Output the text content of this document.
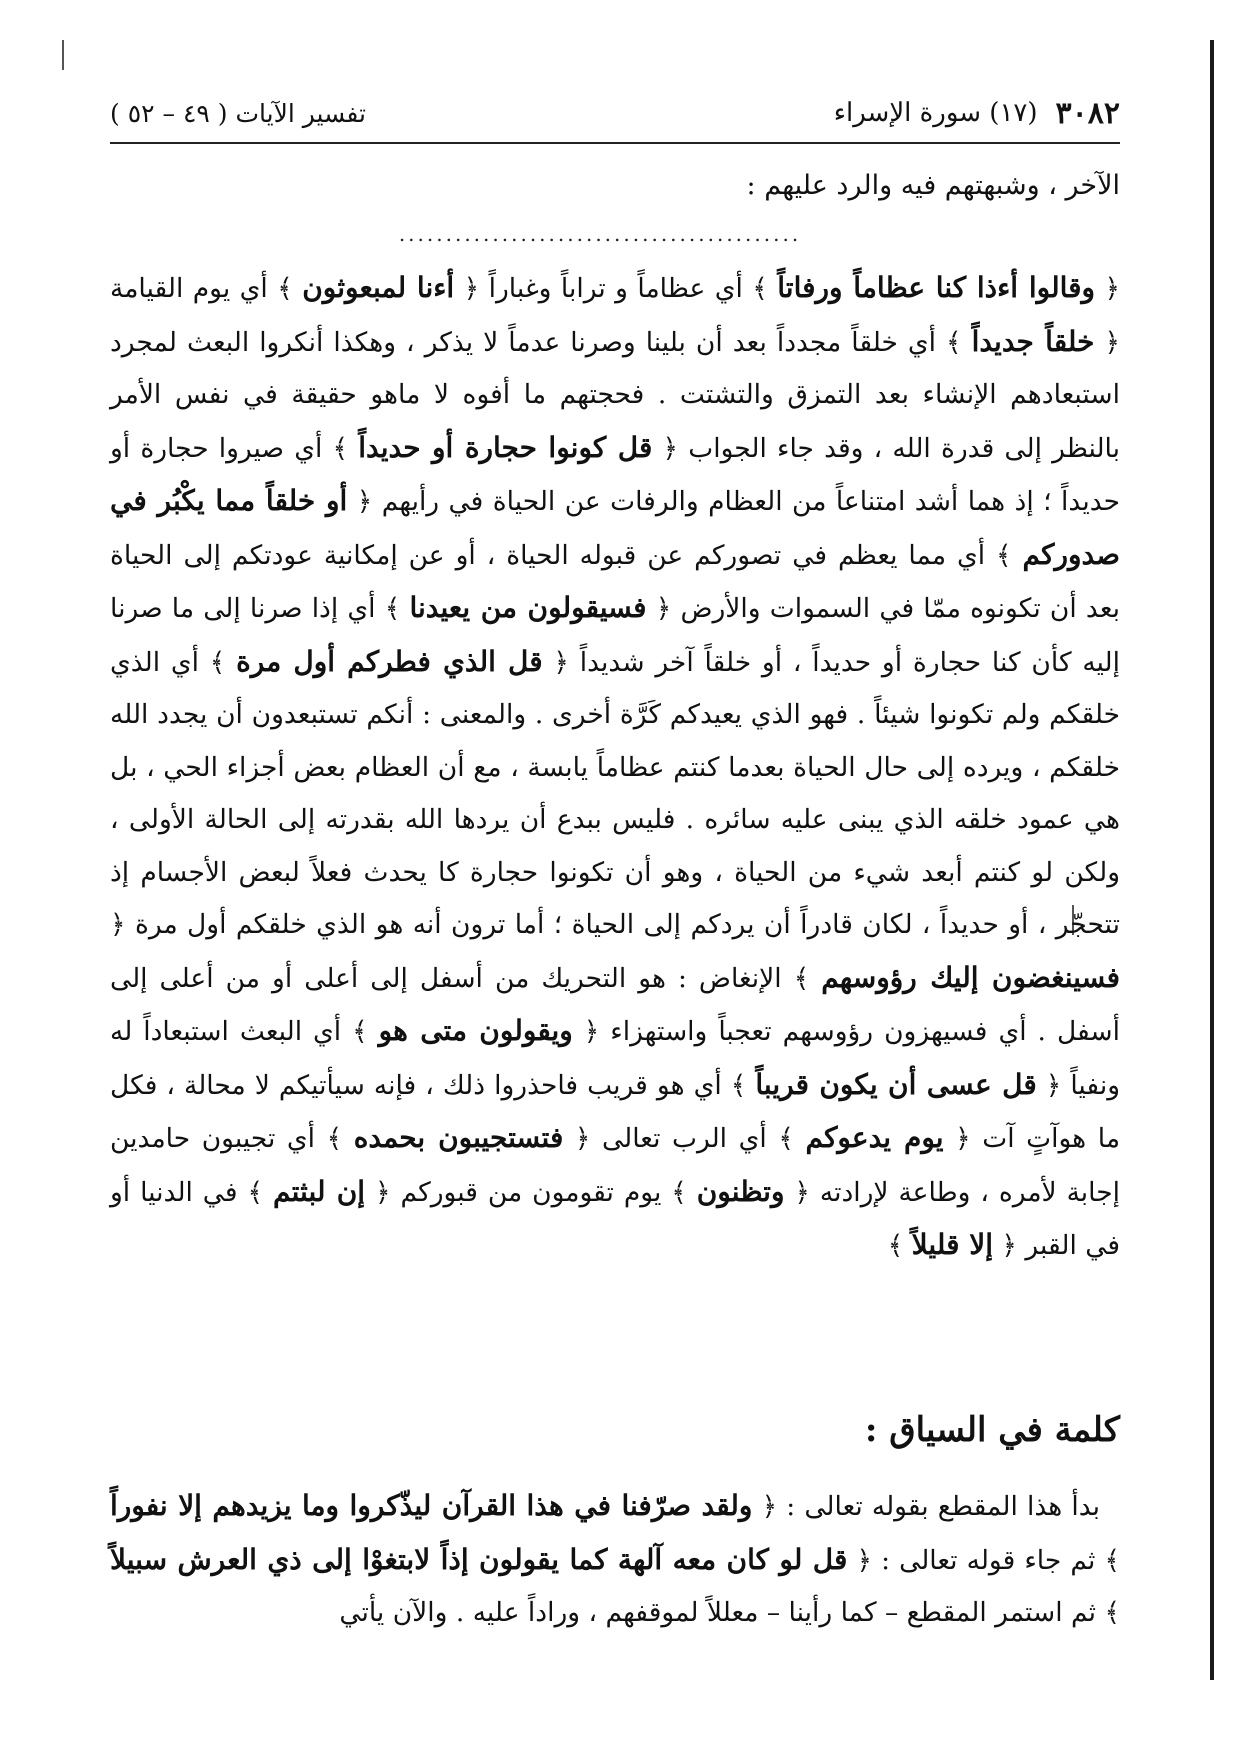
٣٠٨٢
(١٧) سورة الإسراء
تفسير الآيات ( ٤٩ – ٥٢ )
الآخر ، وشبهتهم فيه والرد عليهم :
...........................................

﴿ وقالوا أءذا كنا عظاماً ورفاتاً ﴾ أي عظاماً و تراباً وغباراً ﴿ أءنا لمبعوثون ﴾ أي يوم القيامة ﴿ خلقاً جديداً ﴾ أي خلقاً مجدداً بعد أن بلينا وصرنا عدماً لا يذكر ، وهكذا أنكروا البعث لمجرد استبعادهم الإنشاء بعد التمزق والتشتت . فحجتهم ما أفوه لا ماهو حقيقة في نفس الأمر بالنظر إلى قدرة الله ، وقد جاء الجواب ﴿ قل كونوا حجارة أو حديداً ﴾ أي صيروا حجارة أو حديداً ؛ إذ هما أشد امتناعاً من العظام والرفات عن الحياة في رأيهم ﴿ أو خلقاً مما يكْبُر في صدوركم ﴾ أي مما يعظم في تصوركم عن قبوله الحياة ، أو عن إمكانية عودتكم إلى الحياة بعد أن تكونوه ممّا في السموات والأرض ﴿ فسيقولون من يعيدنا ﴾ أي إذا صرنا إلى ما صرنا إليه كأن كنا حجارة أو حديداً ، أو خلقاً آخر شديداً ﴿ قل الذي فطركم أول مرة ﴾ أي الذي خلقكم ولم تكونوا شيئاً . فهو الذي يعيدكم كَرَّة أخرى . والمعنى : أنكم تستبعدون أن يجدد الله خلقكم ، ويرده إلى حال الحياة بعدما كنتم عظاماً يابسة ، مع أن العظام بعض أجزاء الحي ، بل هي عمود خلقه الذي يبنى عليه سائره . فليس ببدع أن يردها الله بقدرته إلى الحالة الأولى ، ولكن لو كنتم أبعد شيء من الحياة ، وهو أن تكونوا حجارة كا يحدث فعلاً لبعض الأجسام إذ تتحجّر ، أو حديداً ، لكان قادراً أن يردكم إلى الحياة ؛ أما ترون أنه هو الذي خلقكم أول مرة ﴿ فسينغضون إليك رؤوسهم ﴾ الإنغاض : هو التحريك من أسفل إلى أعلى أو من أعلى إلى أسفل . أي فسيهزون رؤوسهم تعجباً واستهزاء ﴿ ويقولون متى هو ﴾ أي البعث استبعاداً له ونفياً ﴿ قل عسى أن يكون قريباً ﴾ أي هو قريب فاحذروا ذلك ، فإنه سيأتيكم لا محالة ، فكل ما هوآتٍ آت ﴿ يوم يدعوكم ﴾ أي الرب تعالى ﴿ فتستجيبون بحمده ﴾ أي تجيبون حامدين إجابة لأمره ، وطاعة لإرادته ﴿ وتظنون ﴾ يوم تقومون من قبوركم ﴿ إن لبثتم ﴾ في الدنيا أو في القبر ﴿ إلا قليلاً ﴾

كلمة في السياق :

بدأ هذا المقطع بقوله تعالى : ﴿ ولقد صرّفنا في هذا القرآن ليذّكروا وما يزيدهم إلا نفوراً ﴾ ثم جاء قوله تعالى : ﴿ قل لو كان معه آلهة كما يقولون إذاً لابتغوْا إلى ذي العرش سبيلاً ﴾ ثم استمر المقطع – كما رأينا – معللاً لموقفهم ، وراداً عليه . والآن يأتي
